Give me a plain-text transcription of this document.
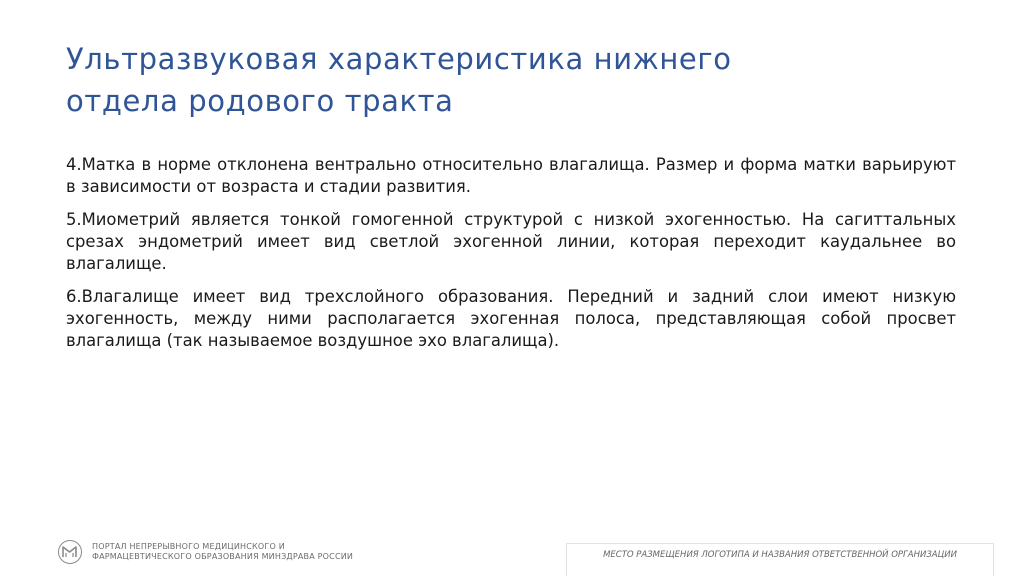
Ультразвуковая характеристика нижнего
отдела родового тракта

4.Матка в норме отклонена вентрально относительно влагалища. Размер и форма матки варьируют в зависимости от возраста и стадии развития.

5.Миометрий является тонкой гомогенной структурой с низкой эхогенностью. На сагиттальных срезах эндометрий имеет вид светлой эхогенной линии, которая переходит каудальнее во влагалище.

6.Влагалище имеет вид трехслойного образования. Передний и задний слои имеют низкую эхогенность, между ними располагается эхогенная полоса, представляющая собой просвет влагалища (так называемое воздушное эхо влагалища).

ПОРТАЛ НЕПРЕРЫВНОГО МЕДИЦИНСКОГО И
ФАРМАЦЕВТИЧЕСКОГО ОБРАЗОВАНИЯ МИНЗДРАВА РОССИИ	МЕСТО РАЗМЕЩЕНИЯ ЛОГОТИПА И НАЗВАНИЯ ОТВЕТСТВЕННОЙ ОРГАНИЗАЦИИ
